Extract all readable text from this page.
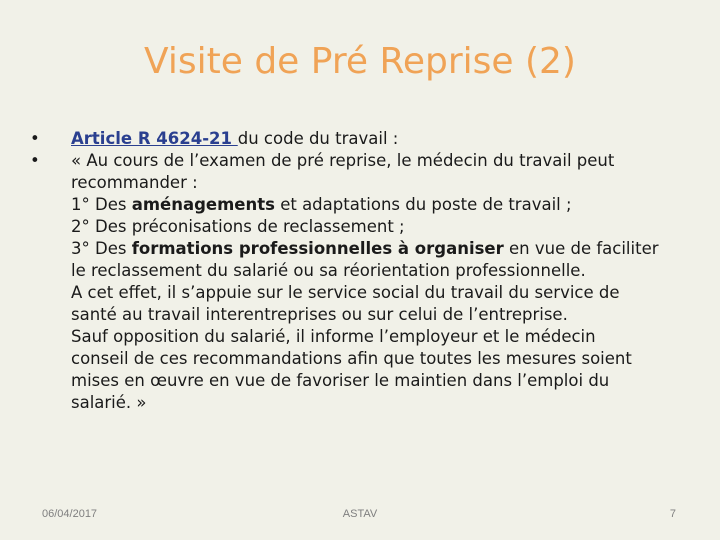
Visite de Pré Reprise (2)
• Article R 4624-21 du code du travail :
• « Au cours de l’examen de pré reprise, le médecin du travail peut
recommander :
1° Des aménagements et adaptations du poste de travail ;
2° Des préconisations de reclassement ;
3° Des formations professionnelles à organiser en vue de faciliter
le reclassement du salarié ou sa réorientation professionnelle.
A cet effet, il s’appuie sur le service social du travail du service de
santé au travail interentreprises ou sur celui de l’entreprise.
Sauf opposition du salarié, il informe l’employeur et le médecin
conseil de ces recommandations afin que toutes les mesures soient
mises en œuvre en vue de favoriser le maintien dans l’emploi du
salarié. »
06/04/2017	ASTAV	7
